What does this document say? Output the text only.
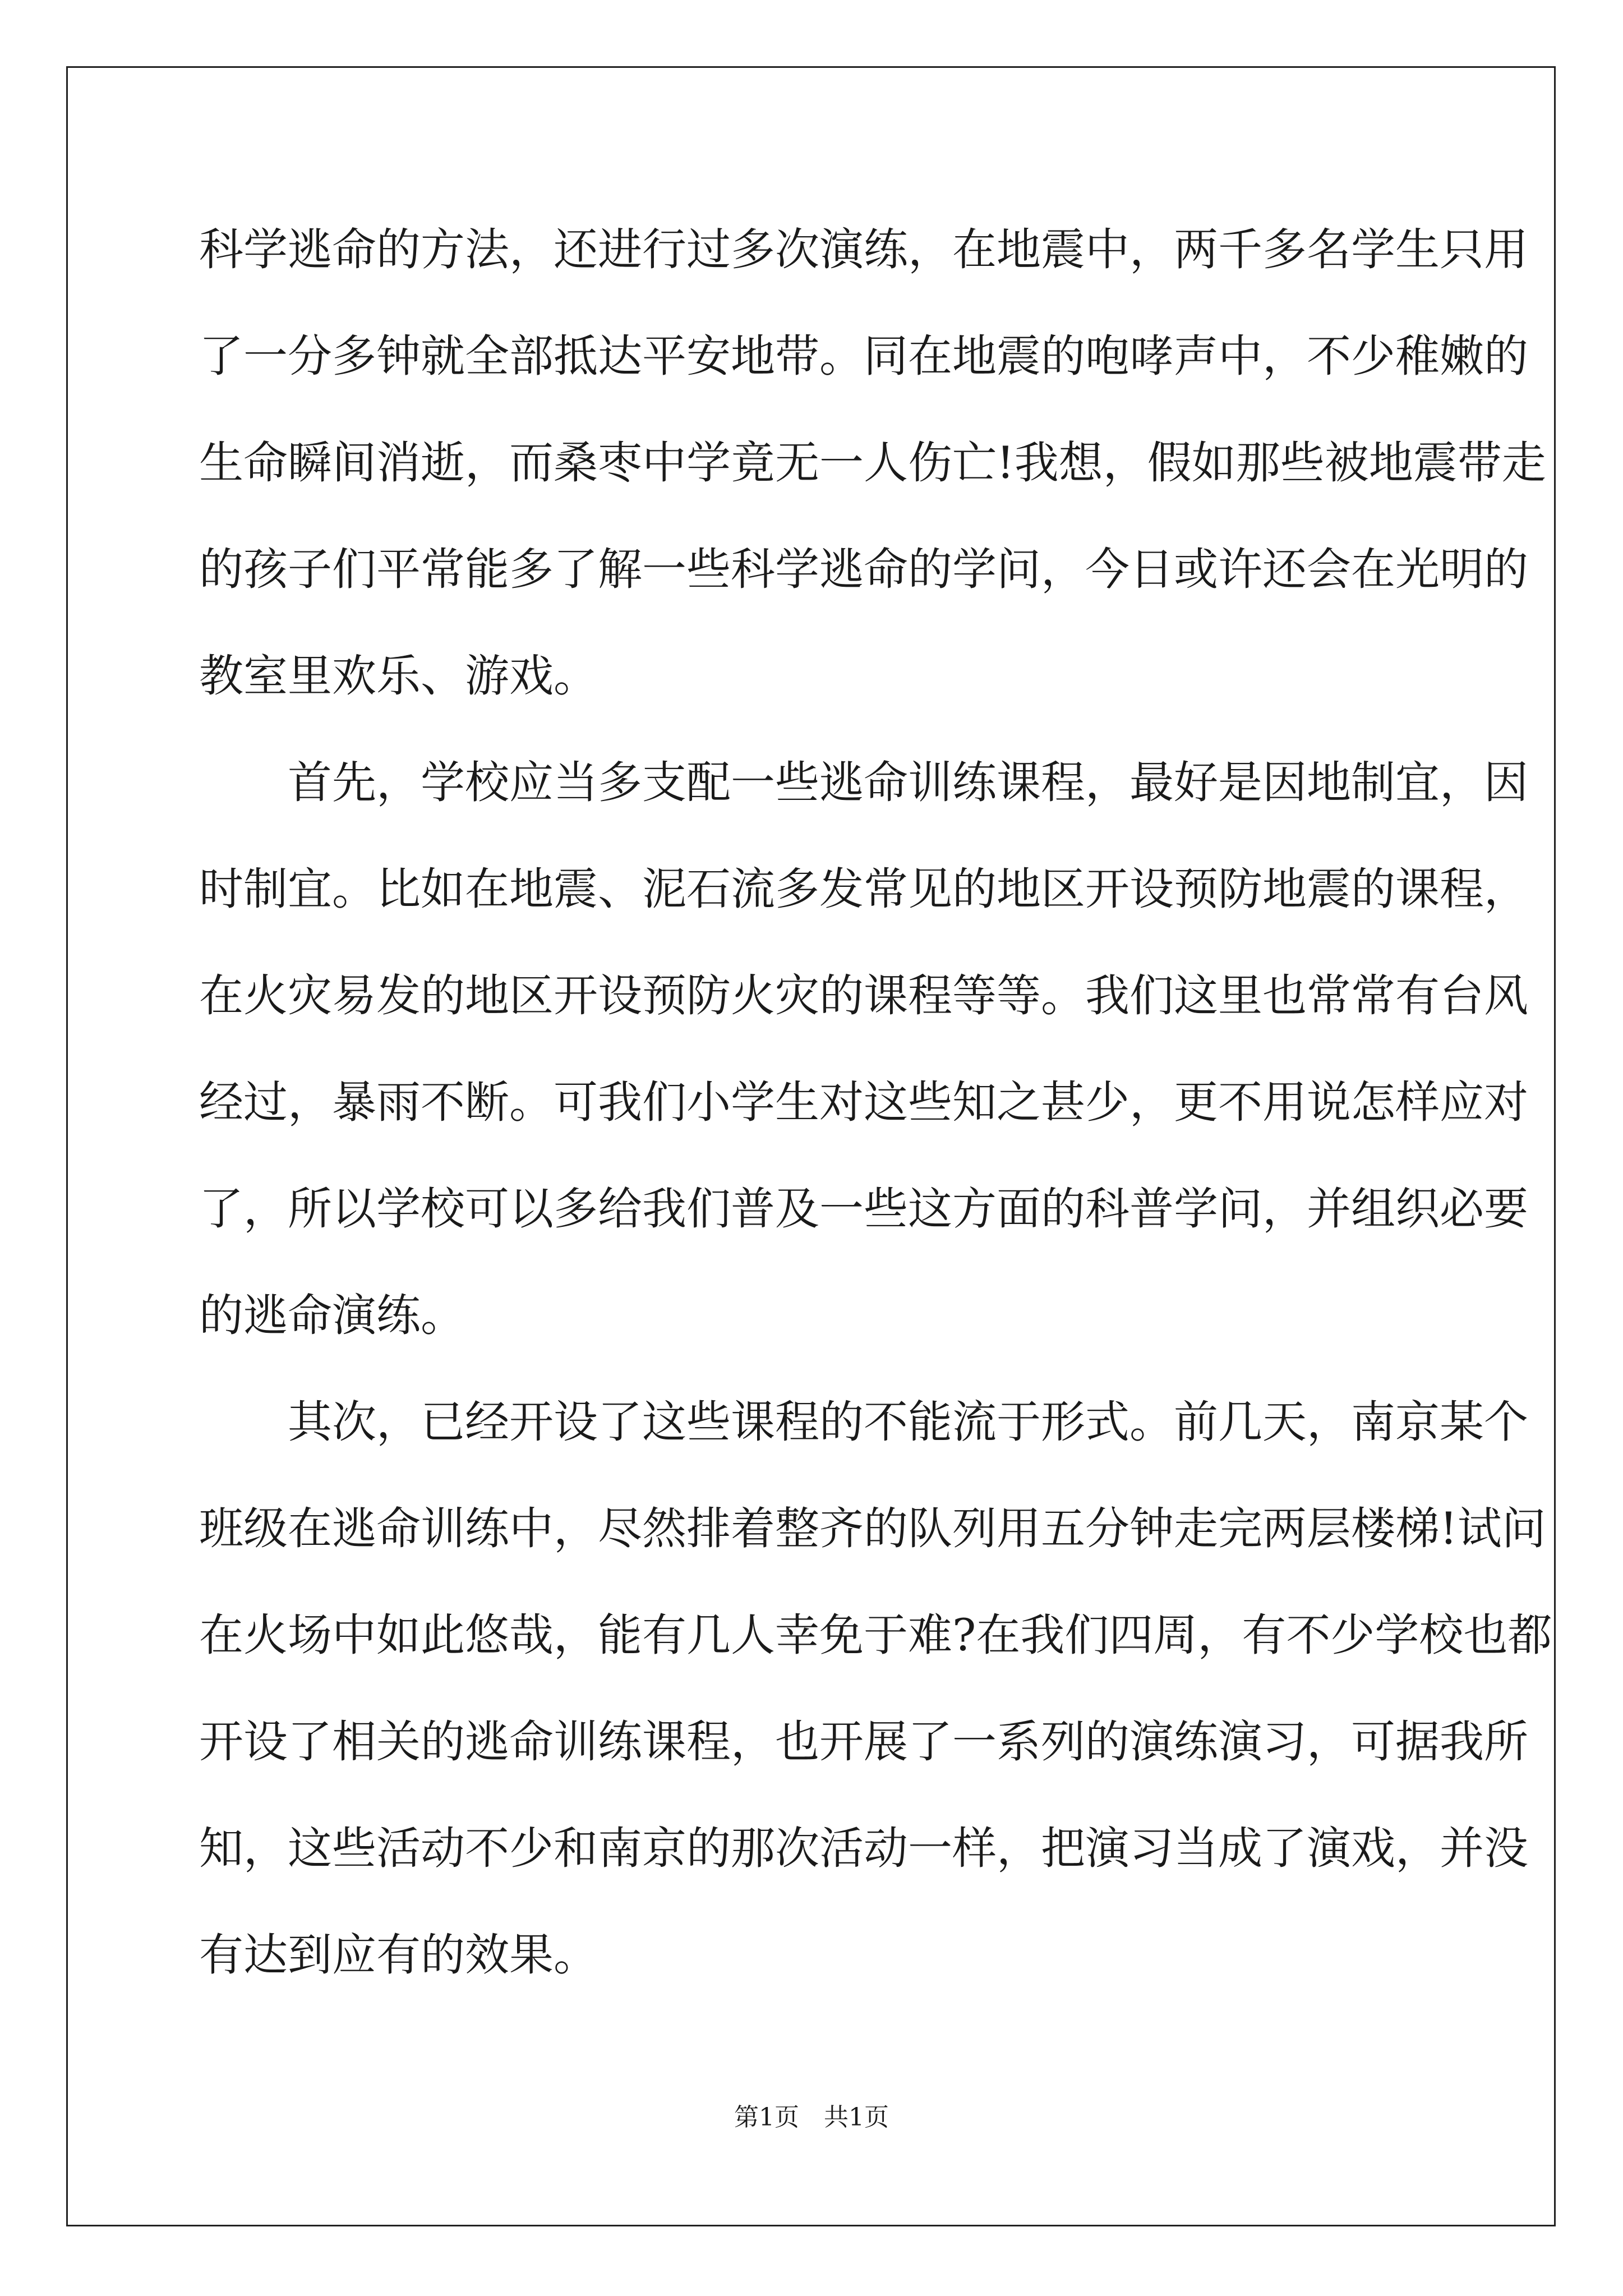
科学逃命的方法，还进行过多次演练，在地震中，两千多名学生只用
了一分多钟就全部抵达平安地带。同在地震的咆哮声中，不少稚嫩的
生命瞬间消逝，而桑枣中学竟无一人伤亡!我想，假如那些被地震带走
的孩子们平常能多了解一些科学逃命的学问，今日或许还会在光明的
教室里欢乐、游戏。
首先，学校应当多支配一些逃命训练课程，最好是因地制宜，因
时制宜。比如在地震、泥石流多发常见的地区开设预防地震的课程，
在火灾易发的地区开设预防火灾的课程等等。我们这里也常常有台风
经过，暴雨不断。可我们小学生对这些知之甚少，更不用说怎样应对
了，所以学校可以多给我们普及一些这方面的科普学问，并组织必要
的逃命演练。
其次，已经开设了这些课程的不能流于形式。前几天，南京某个
班级在逃命训练中，尽然排着整齐的队列用五分钟走完两层楼梯!试问
在火场中如此悠哉，能有几人幸免于难?在我们四周，有不少学校也都
开设了相关的逃命训练课程，也开展了一系列的演练演习，可据我所
知，这些活动不少和南京的那次活动一样，把演习当成了演戏，并没
有达到应有的效果。
第1页　共1页
